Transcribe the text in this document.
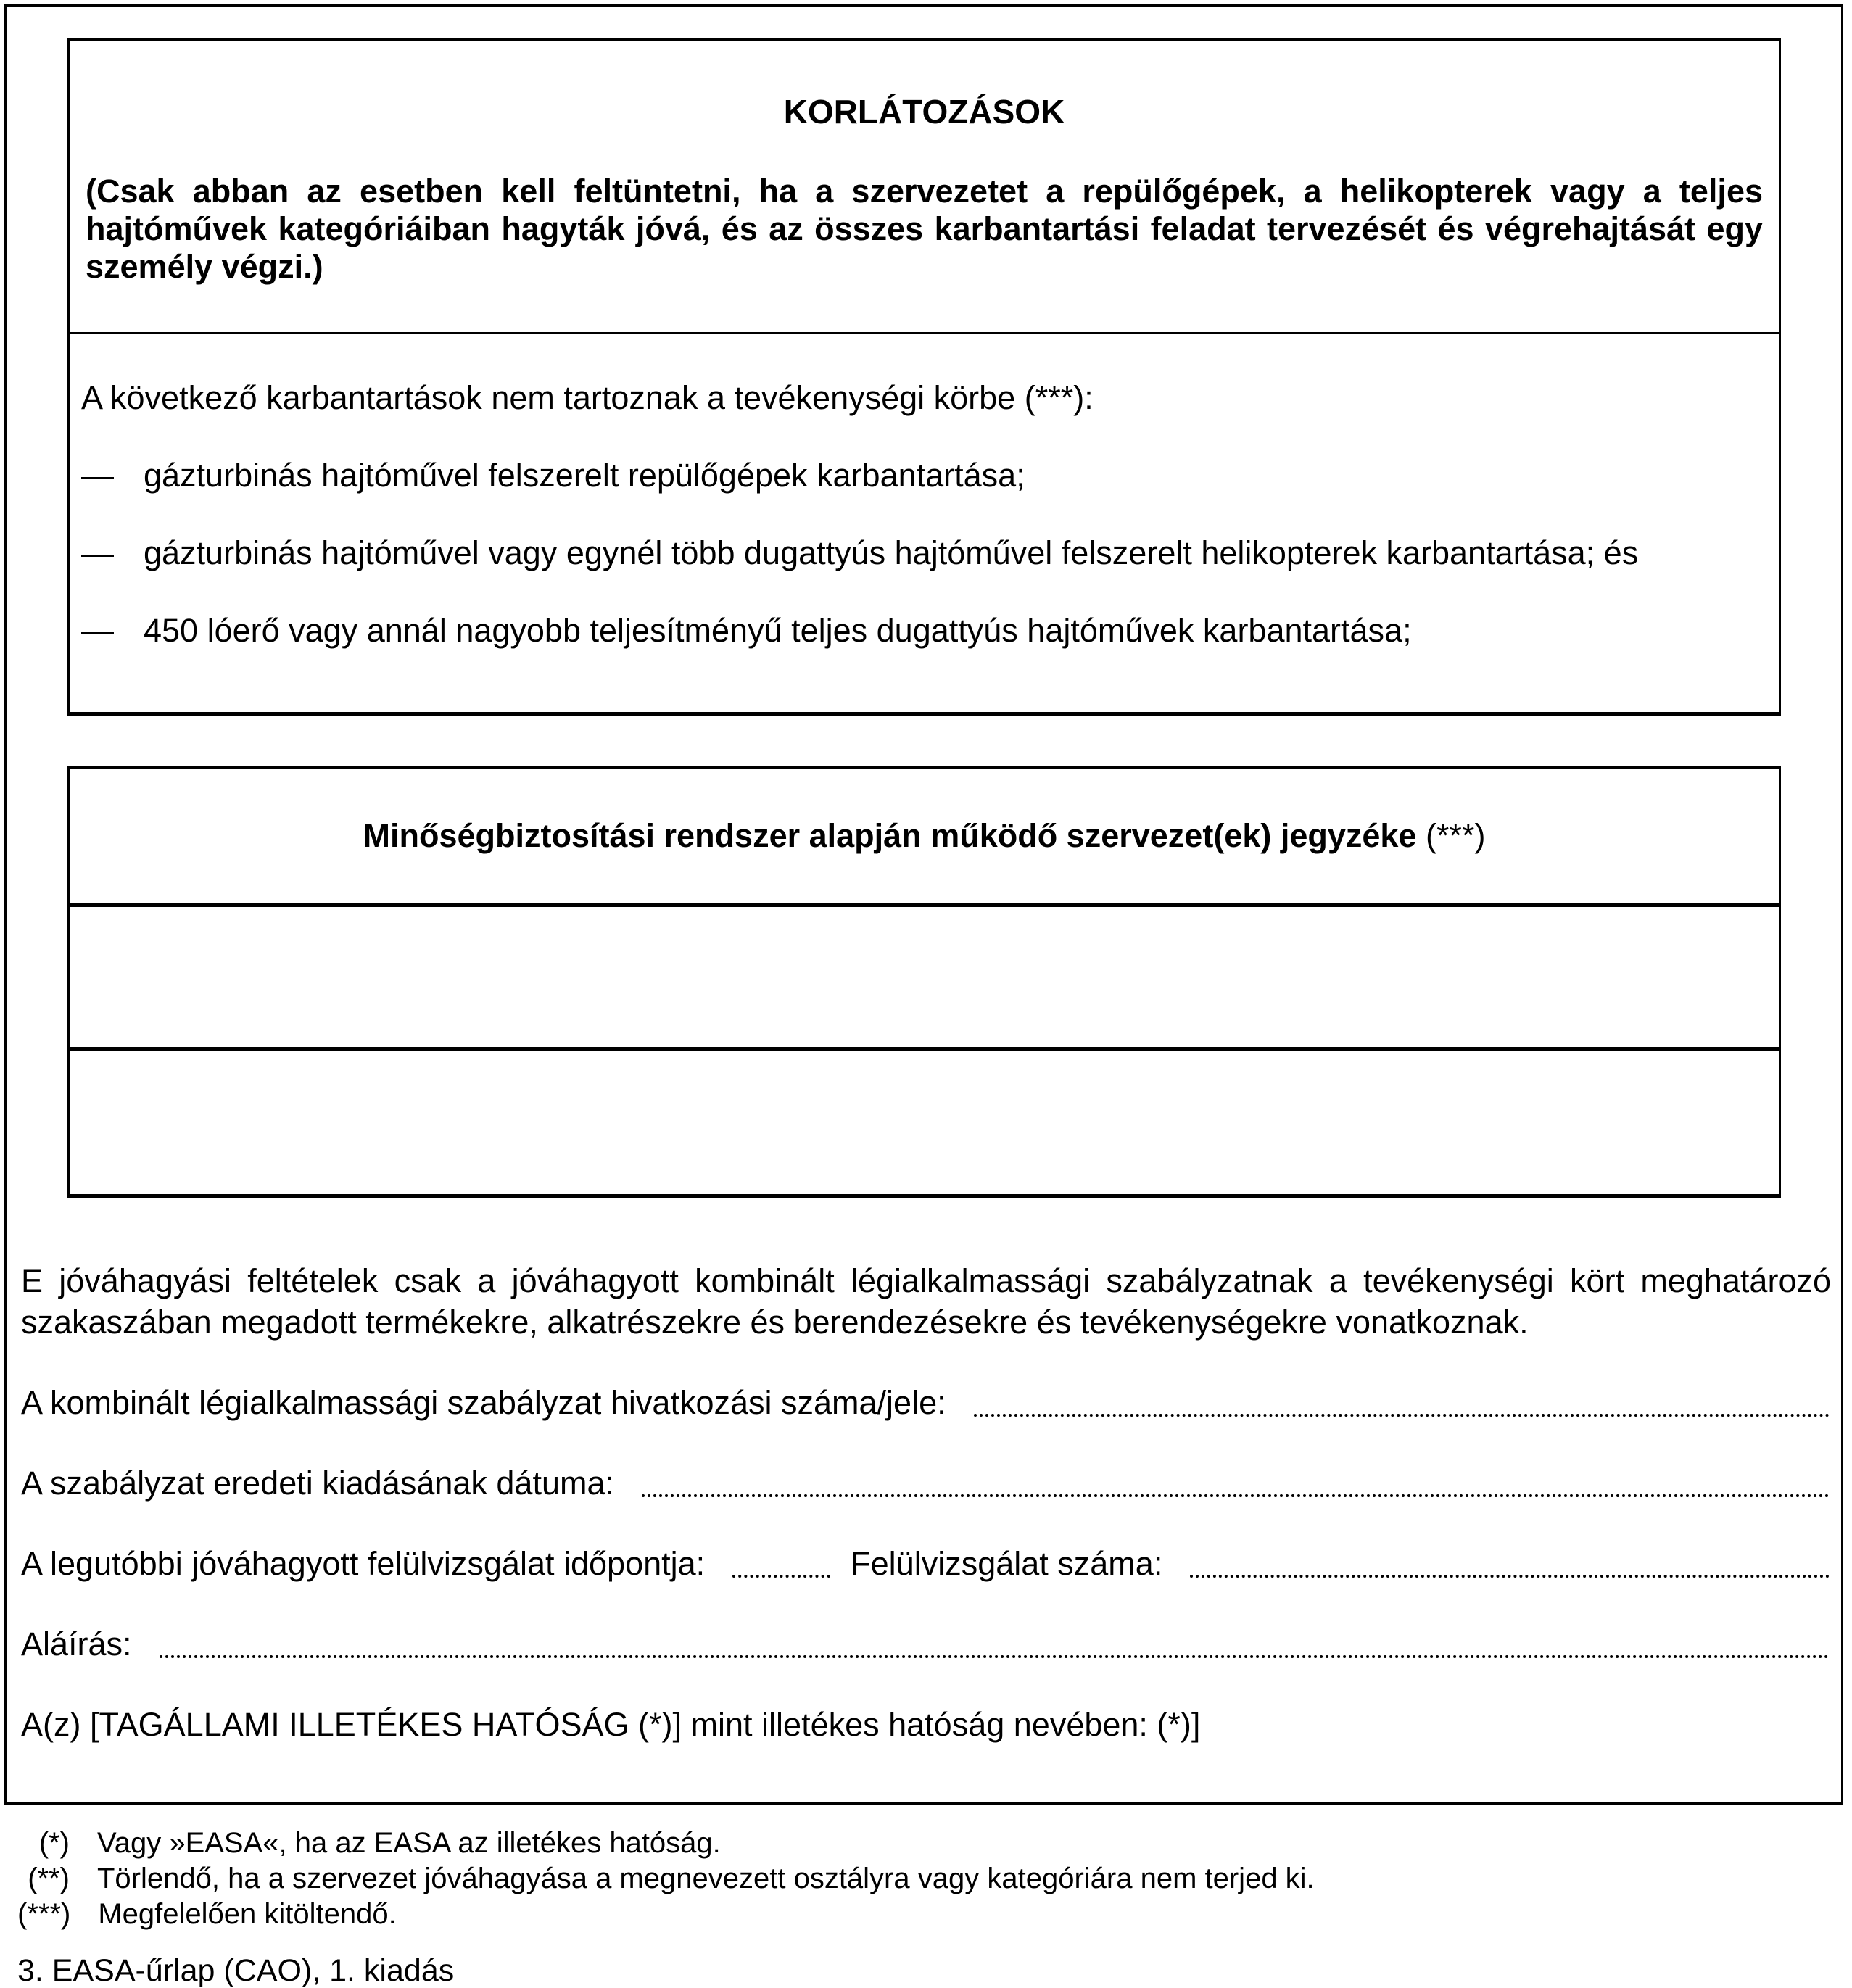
KORLÁTOZÁSOK
(Csak abban az esetben kell feltüntetni, ha a szervezetet a repülőgépek, a helikopterek vagy a teljes hajtóművek kategóriáiban hagyták jóvá, és az összes karbantartási feladat tervezését és végrehajtását egy személy végzi.)
A következő karbantartások nem tartoznak a tevékenységi körbe (***):
— gázturbinás hajtóművel felszerelt repülőgépek karbantartása;
— gázturbinás hajtóművel vagy egynél több dugattyús hajtóművel felszerelt helikopterek karbantartása; és
— 450 lóerő vagy annál nagyobb teljesítményű teljes dugattyús hajtóművek karbantartása;
Minőségbiztosítási rendszer alapján működő szervezet(ek) jegyzéke (***)
E jóváhagyási feltételek csak a jóváhagyott kombinált légialkalmassági szabályzatnak a tevékenységi kört meghatározó szakaszában megadott termékekre, alkatrészekre és berendezésekre és tevékenységekre vonatkoznak.
A kombinált légialkalmassági szabályzat hivatkozási száma/jele:
A szabályzat eredeti kiadásának dátuma:
A legutóbbi jóváhagyott felülvizsgálat időpontja:	Felülvizsgálat száma:
Aláírás:
A(z) [TAGÁLLAMI ILLETÉKES HATÓSÁG (*)] mint illetékes hatóság nevében: (*)]
(*) Vagy »EASA«, ha az EASA az illetékes hatóság.
(**) Törlendő, ha a szervezet jóváhagyása a megnevezett osztályra vagy kategóriára nem terjed ki.
(***) Megfelelően kitöltendő.
3. EASA-űrlap (CAO), 1. kiadás
